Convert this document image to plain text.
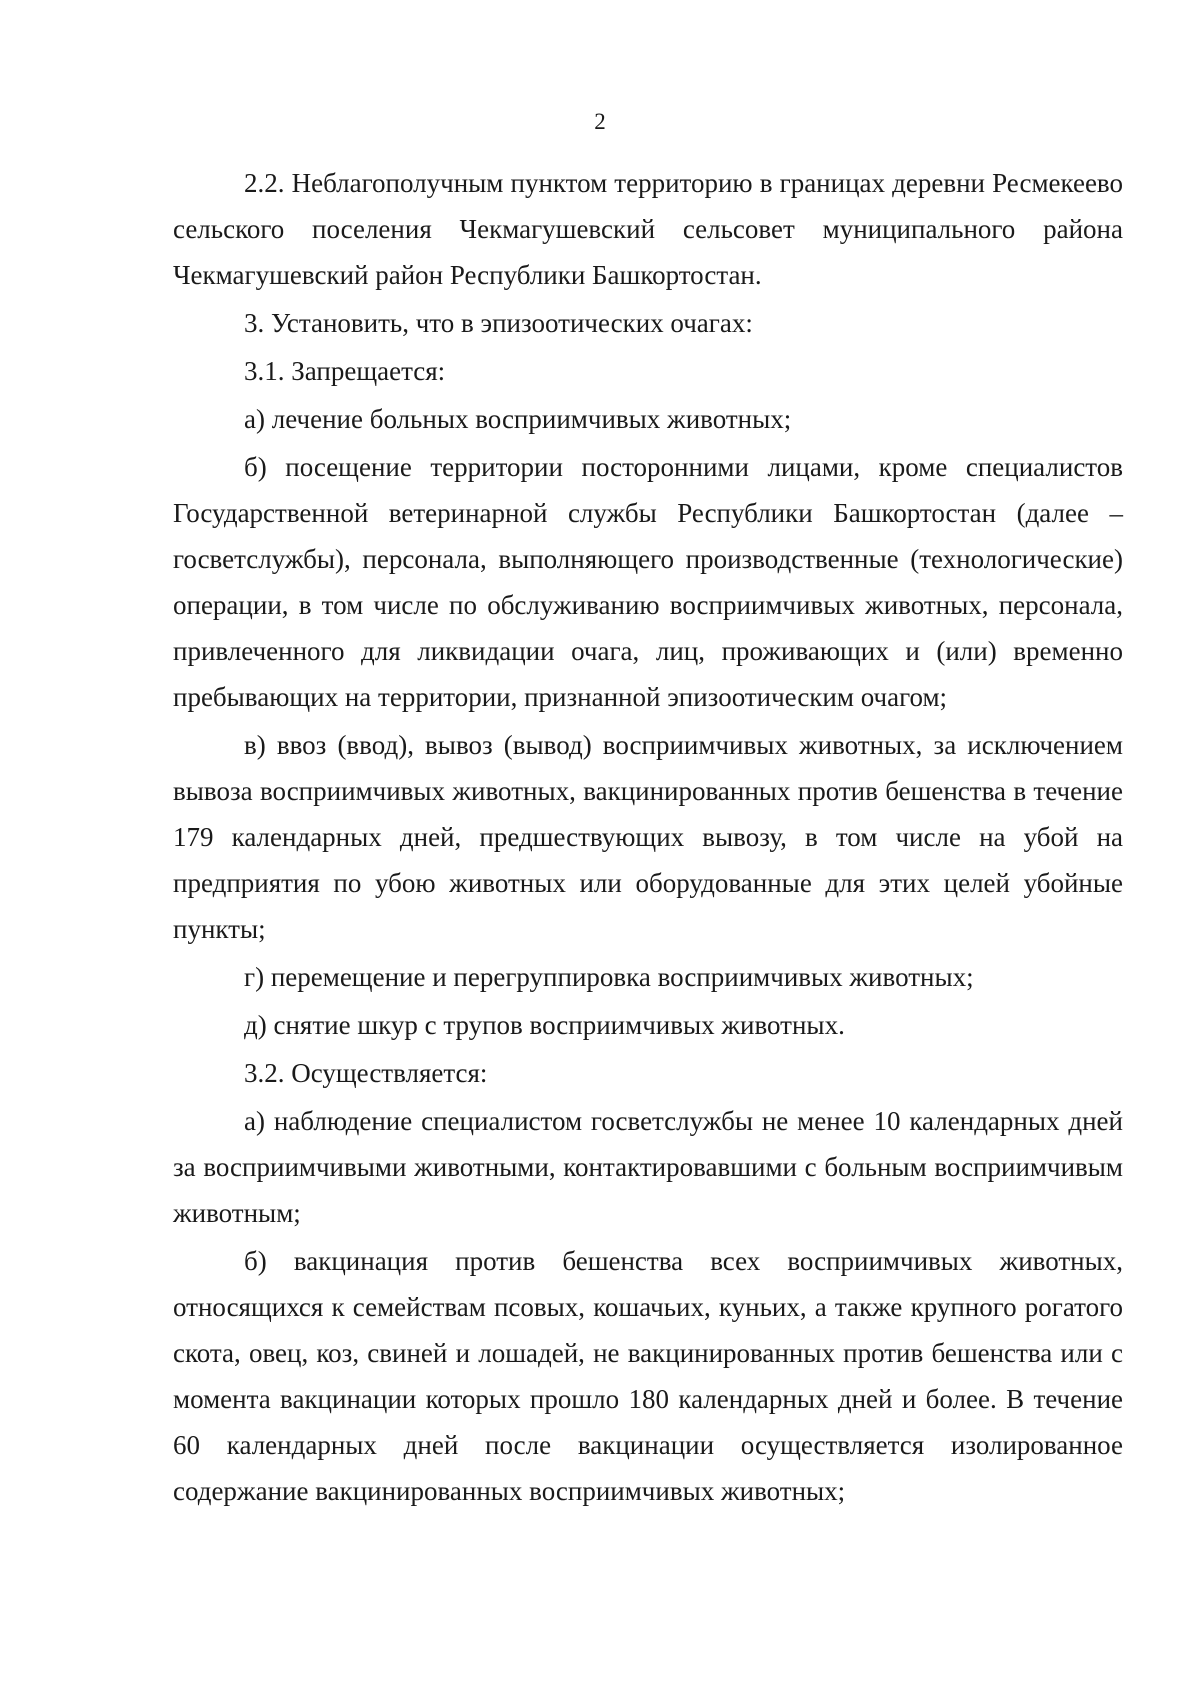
2

2.2. Неблагополучным пунктом территорию в границах деревни Ресмекеево сельского поселения Чекмагушевский сельсовет муниципального района Чекмагушевский район Республики Башкортостан.

3. Установить, что в эпизоотических очагах:

3.1. Запрещается:

а) лечение больных восприимчивых животных;

б) посещение территории посторонними лицами, кроме специалистов Государственной ветеринарной службы Республики Башкортостан (далее – госветслужбы), персонала, выполняющего производственные (технологические) операции, в том числе по обслуживанию восприимчивых животных, персонала, привлеченного для ликвидации очага, лиц, проживающих и (или) временно пребывающих на территории, признанной эпизоотическим очагом;

в) ввоз (ввод), вывоз (вывод) восприимчивых животных, за исключением вывоза восприимчивых животных, вакцинированных против бешенства в течение 179 календарных дней, предшествующих вывозу, в том числе на убой на предприятия по убою животных или оборудованные для этих целей убойные пункты;

г) перемещение и перегруппировка восприимчивых животных;

д) снятие шкур с трупов восприимчивых животных.

3.2. Осуществляется:

а) наблюдение специалистом госветслужбы не менее 10 календарных дней за восприимчивыми животными, контактировавшими с больным восприимчивым животным;

б) вакцинация против бешенства всех восприимчивых животных, относящихся к семействам псовых, кошачьих, куньих, а также крупного рогатого скота, овец, коз, свиней и лошадей, не вакцинированных против бешенства или с момента вакцинации которых прошло 180 календарных дней и более. В течение 60 календарных дней после вакцинации осуществляется изолированное содержание вакцинированных восприимчивых животных;
